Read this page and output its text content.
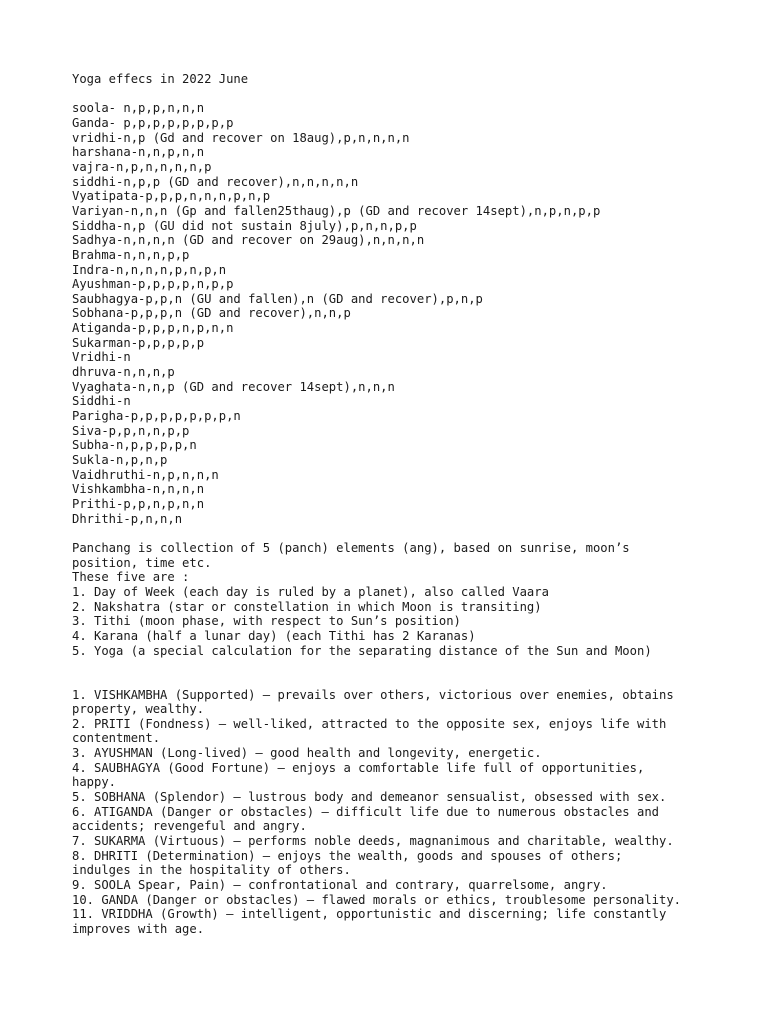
Yoga effecs in 2022 June
soola- n,p,p,n,n,n
Ganda- p,p,p,p,p,p,p,p
vridhi-n,p (Gd and recover on 18aug),p,n,n,n,n
harshana-n,n,p,n,n
vajra-n,p,n,n,n,n,p
siddhi-n,p,p (GD and recover),n,n,n,n,n
Vyatipata-p,p,p,n,n,n,p,n,p
Variyan-n,n,n (Gp and fallen25thaug),p (GD and recover 14sept),n,p,n,p,p
Siddha-n,p (GU did not sustain 8july),p,n,n,p,p
Sadhya-n,n,n,n (GD and recover on 29aug),n,n,n,n
Brahma-n,n,n,p,p
Indra-n,n,n,n,p,n,p,n
Ayushman-p,p,p,p,n,p,p
Saubhagya-p,p,n (GU and fallen),n (GD and recover),p,n,p
Sobhana-p,p,p,n (GD and recover),n,n,p
Atiganda-p,p,p,n,p,n,n
Sukarman-p,p,p,p,p
Vridhi-n
dhruva-n,n,n,p
Vyaghata-n,n,p (GD and recover 14sept),n,n,n
Siddhi-n
Parigha-p,p,p,p,p,p,p,n
Siva-p,p,n,n,p,p
Subha-n,p,p,p,p,n
Sukla-n,p,n,p
Vaidhruthi-n,p,n,n,n
Vishkambha-n,n,n,n
Prithi-p,p,n,p,n,n
Dhrithi-p,n,n,n
Panchang is collection of 5 (panch) elements (ang), based on sunrise, moon’s
position, time etc.
These five are :
1. Day of Week (each day is ruled by a planet), also called Vaara
2. Nakshatra (star or constellation in which Moon is transiting)
3. Tithi (moon phase, with respect to Sun’s position)
4. Karana (half a lunar day) (each Tithi has 2 Karanas)
5. Yoga (a special calculation for the separating distance of the Sun and Moon)
1. VISHKAMBHA (Supported) — prevails over others, victorious over enemies, obtains
property, wealthy.
2. PRITI (Fondness) — well-liked, attracted to the opposite sex, enjoys life with
contentment.
3. AYUSHMAN (Long-lived) — good health and longevity, energetic.
4. SAUBHAGYA (Good Fortune) — enjoys a comfortable life full of opportunities,
happy.
5. SOBHANA (Splendor) — lustrous body and demeanor sensualist, obsessed with sex.
6. ATIGANDA (Danger or obstacles) — difficult life due to numerous obstacles and
accidents; revengeful and angry.
7. SUKARMA (Virtuous) — performs noble deeds, magnanimous and charitable, wealthy.
8. DHRITI (Determination) — enjoys the wealth, goods and spouses of others;
indulges in the hospitality of others.
9. SOOLA Spear, Pain) — confrontational and contrary, quarrelsome, angry.
10. GANDA (Danger or obstacles) — flawed morals or ethics, troublesome personality.
11. VRIDDHA (Growth) — intelligent, opportunistic and discerning; life constantly
improves with age.
